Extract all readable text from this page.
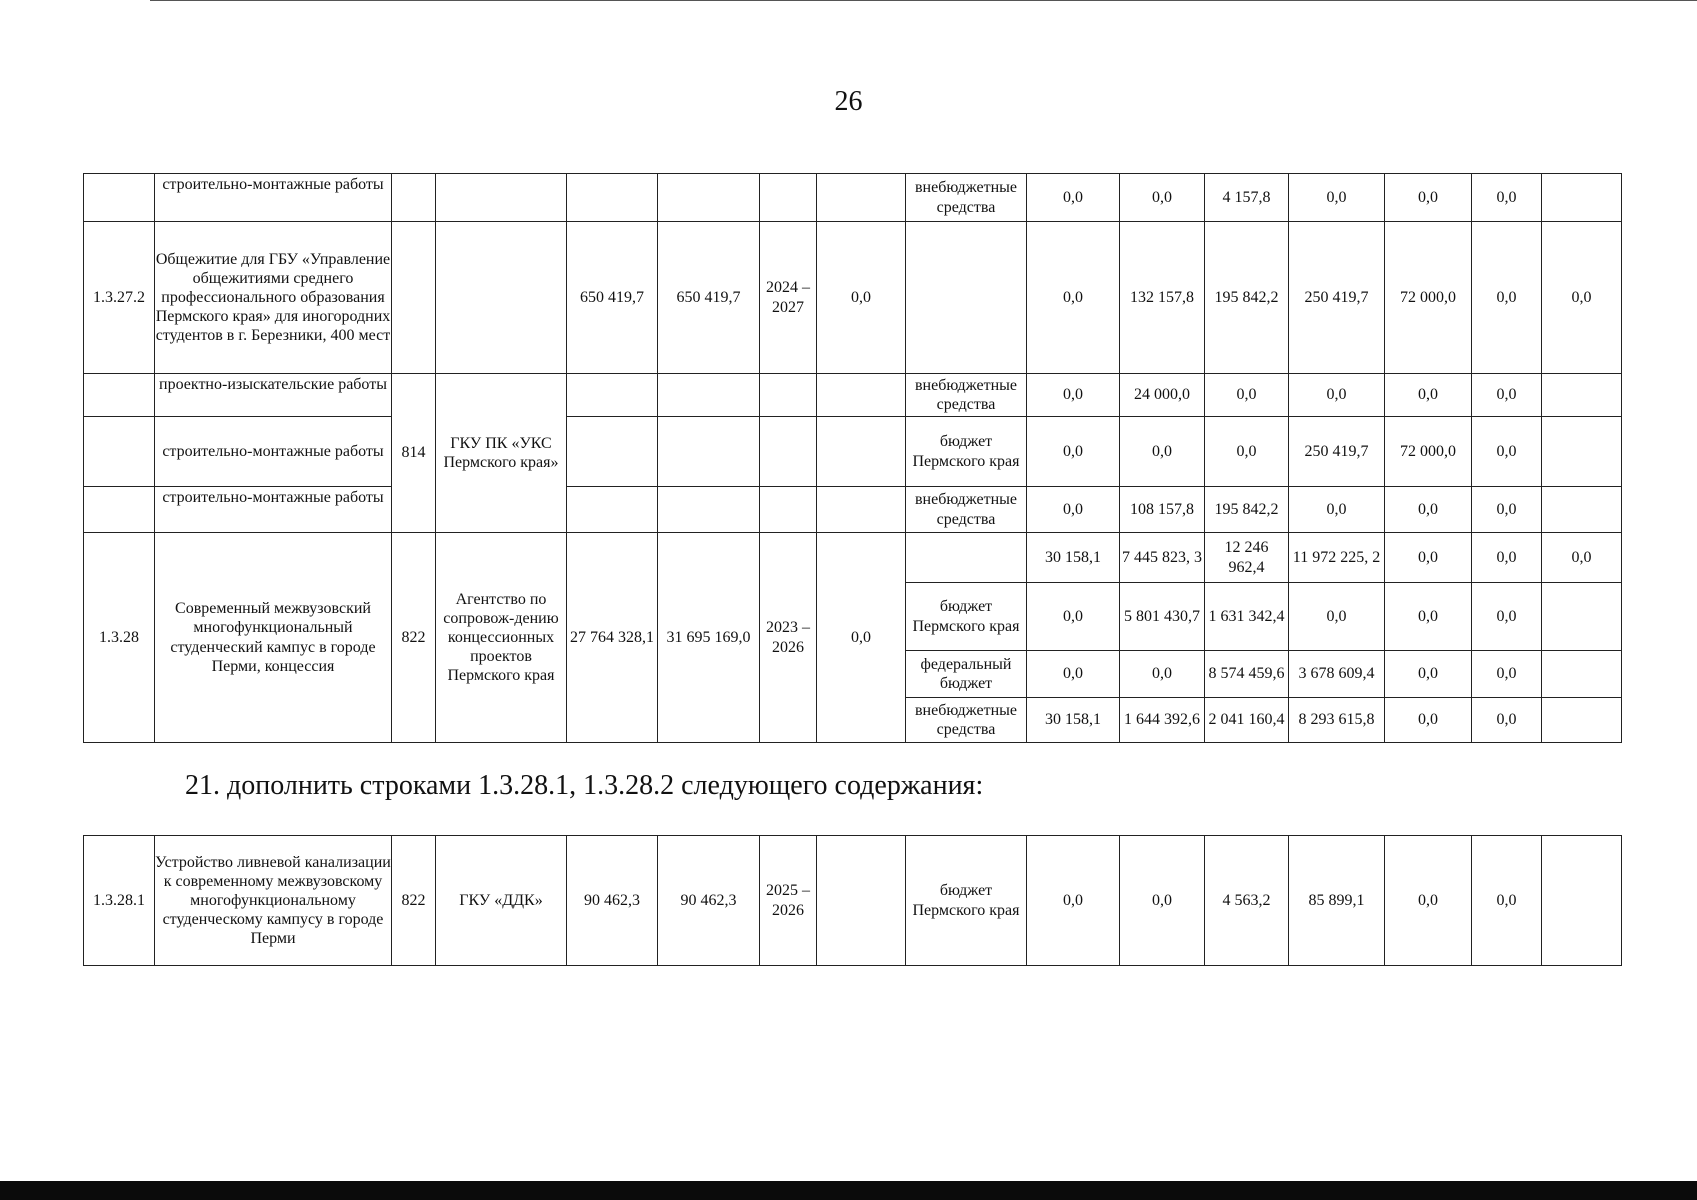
26
	строительно-монтажные работы							внебюджетные средства	0,0	0,0	4 157,8	0,0	0,0	0,0	
1.3.27.2	Общежитие для ГБУ «Управление общежитиями среднего профессионального образования Пермского края» для иногородних студентов в г. Березники, 400 мест			650 419,7	650 419,7	2024 – 2027	0,0		0,0	132 157,8	195 842,2	250 419,7	72 000,0	0,0	0,0
	проектно-изыскательские работы	814	ГКУ ПК «УКС Пермского края»					внебюджетные средства	0,0	24 000,0	0,0	0,0	0,0	0,0	
	строительно-монтажные работы							бюджет Пермского края	0,0	0,0	0,0	250 419,7	72 000,0	0,0	
	строительно-монтажные работы							внебюджетные средства	0,0	108 157,8	195 842,2	0,0	0,0	0,0	
1.3.28	Современный межвузовский многофункциональный студенческий кампус в городе Перми, концессия	822	Агентство по сопровож-дению концессионных проектов Пермского края	27 764 328,1	31 695 169,0	2023 – 2026	0,0		30 158,1	7 445 823, 3	12 246 962,4	11 972 225, 2	0,0	0,0	0,0
								бюджет Пермского края	0,0	5 801 430,7	1 631 342,4	0,0	0,0	0,0	
								федеральный бюджет	0,0	0,0	8 574 459,6	3 678 609,4	0,0	0,0	
								внебюджетные средства	30 158,1	1 644 392,6	2 041 160,4	8 293 615,8	0,0	0,0	
21. дополнить строками 1.3.28.1, 1.3.28.2 следующего содержания:
1.3.28.1	Устройство ливневой канализации к современному межвузовскому многофункциональному студенческому кампусу в городе Перми	822	ГКУ «ДДК»	90 462,3	90 462,3	2025 – 2026		бюджет Пермского края	0,0	0,0	4 563,2	85 899,1	0,0	0,0	
